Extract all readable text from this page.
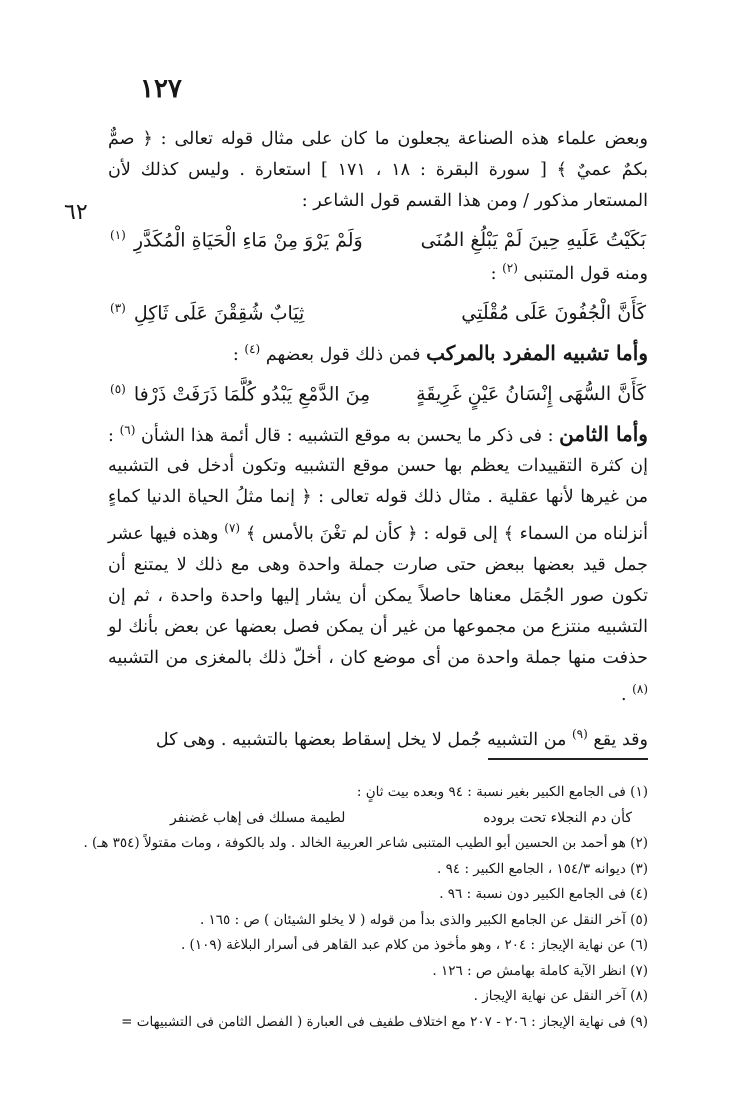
١٢٧
٦٢

وبعض علماء هذه الصناعة يجعلون ما كان على مثال قوله تعالى : ﴿ صمٌّ بكمٌ عميٌ ﴾ [ سورة البقرة : ١٨ ، ١٧١ ] استعارة . وليس كذلك لأن المستعار مذكور / ومن هذا القسم قول الشاعر :

بَكَيْتُ عَلَيهِ حِينَ لَمْ يَبْلُغِ المُنَى
وَلَمْ يَرْوَ مِنْ مَاءِ الْحَيَاةِ الْمُكَدَّرِ $^{(١)}$

ومنه قول المتنبى $^{(٢)}$ :

كَأَنَّ الْجُفُونَ عَلَى مُقْلَتِي
ثِيَابٌ شُقِقْنَ عَلَى ثَاكِلِ $^{(٣)}$

وأما تشبيه المفرد بالمركب فمن ذلك قول بعضهم $^{(٤)}$ :

كَأَنَّ السُّهَى إِنْسَانُ عَيْنٍ غَرِيقَةٍ
مِنَ الدَّمْعِ يَبْدُو كُلَّمَا ذَرَفَتْ ذَرْفا $^{(٥)}$

وأما الثامن : فى ذكر ما يحسن به موقع التشبيه : قال أئمة هذا الشأن $^{(٦)}$ : إن كثرة التقييدات يعظم بها حسن موقع التشبيه وتكون أدخل فى التشبيه من غيرها لأنها عقلية . مثال ذلك قوله تعالى : ﴿ إنما مثلُ الحياة الدنيا كماءٍ أنزلناه من السماء ﴾ إلى قوله : ﴿ كأن لم تغْنَ بالأمس ﴾ $^{(٧)}$ وهذه فيها عشر جمل قيد بعضها ببعض حتى صارت جملة واحدة وهى مع ذلك لا يمتنع أن تكون صور الجُمَل معناها حاصلاً يمكن أن يشار إليها واحدة واحدة ، ثم إن التشبيه منتزع من مجموعها من غير أن يمكن فصل بعضها عن بعض بأنك لو حذفت منها جملة واحدة من أى موضع كان ، أخلّ ذلك بالمغزى من التشبيه $^{(٨)}$ .

وقد يقع $^{(٩)}$ من التشبيه جُمل لا يخل إسقاط بعضها بالتشبيه . وهى كل

(١) فى الجامع الكبير بغير نسبة : ٩٤ وبعده بيت ثانٍ :
كأن دم النجلاء تحت بروده
لطيمة مسلك فى إهاب غضنفر
(٢) هو أحمد بن الحسين أبو الطيب المتنبى شاعر العربية الخالد . ولد بالكوفة ، ومات مقتولاً (٣٥٤ هـ) .
(٣) ديوانه ١٥٤/٣ ، الجامع الكبير : ٩٤ .
(٤) فى الجامع الكبير دون نسبة : ٩٦ .
(٥) آخر النقل عن الجامع الكبير والذى بدأ من قوله ( لا يخلو الشيئان ) ص : ١٦٥ .
(٦) عن نهاية الإيجاز : ٢٠٤ ، وهو مأخوذ من كلام عبد القاهر فى أسرار البلاغة (١٠٩) .
(٧) انظر الآية كاملة بهامش ص : ١٢٦ .
(٨) آخر النقل عن نهاية الإيجاز .
(٩) فى نهاية الإيجاز : ٢٠٦ - ٢٠٧ مع اختلاف طفيف فى العبارة ( الفصل الثامن فى التشبيهات =
